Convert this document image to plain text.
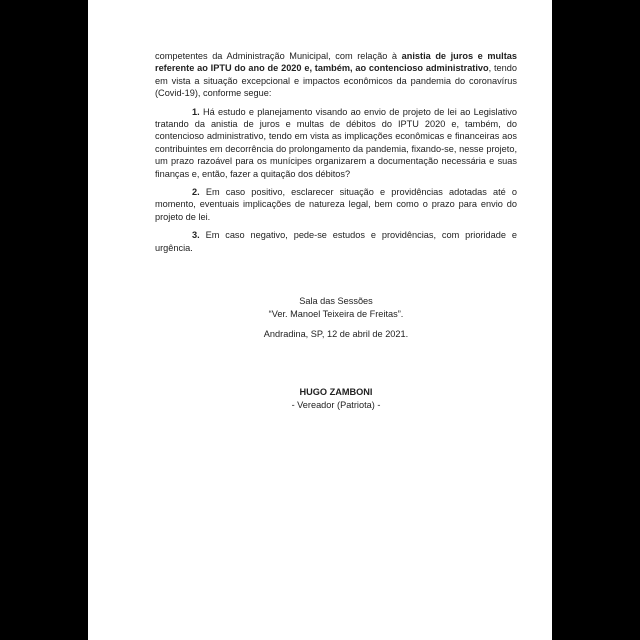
competentes da Administração Municipal, com relação à anistia de juros e multas referente ao IPTU do ano de 2020 e, também, ao contencioso administrativo, tendo em vista a situação excepcional e impactos econômicos da pandemia do coronavírus (Covid-19), conforme segue:

1. Há estudo e planejamento visando ao envio de projeto de lei ao Legislativo tratando da anistia de juros e multas de débitos do IPTU 2020 e, também, do contencioso administrativo, tendo em vista as implicações econômicas e financeiras aos contribuintes em decorrência do prolongamento da pandemia, fixando-se, nesse projeto, um prazo razoável para os munícipes organizarem a documentação necessária e suas finanças e, então, fazer a quitação dos débitos?

2. Em caso positivo, esclarecer situação e providências adotadas até o momento, eventuais implicações de natureza legal, bem como o prazo para envio do projeto de lei.

3. Em caso negativo, pede-se estudos e providências, com prioridade e urgência.

Sala das Sessões

“Ver. Manoel Teixeira de Freitas”.

Andradina, SP, 12 de abril de 2021.

HUGO ZAMBONI

- Vereador (Patriota) -
